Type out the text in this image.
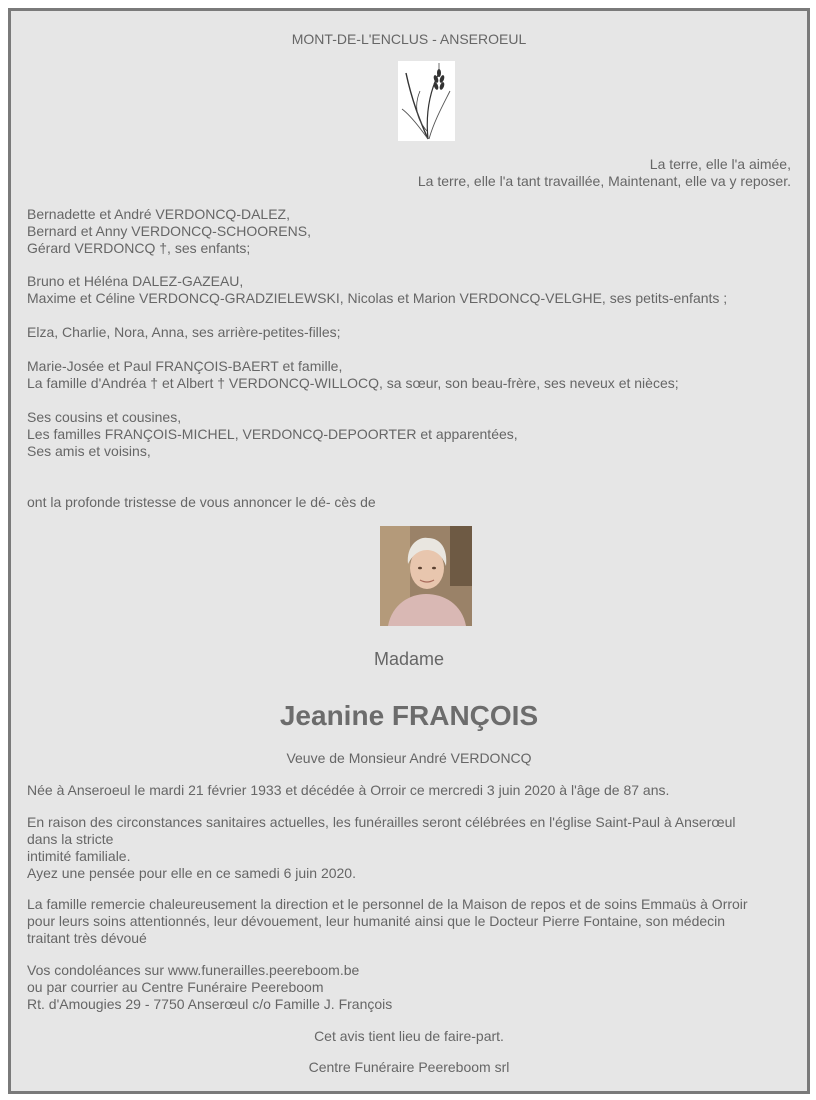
MONT-DE-L'ENCLUS - ANSEROEUL
La terre, elle l'a aimée,
La terre, elle l'a tant travaillée, Maintenant, elle va y reposer.
Bernadette et André VERDONCQ-DALEZ,
Bernard et Anny VERDONCQ-SCHOORENS,
Gérard VERDONCQ †, ses enfants;
Bruno et Héléna DALEZ-GAZEAU,
Maxime et Céline VERDONCQ-GRADZIELEWSKI, Nicolas et Marion VERDONCQ-VELGHE, ses petits-enfants ;
Elza, Charlie, Nora, Anna, ses arrière-petites-filles;
Marie-Josée et Paul FRANÇOIS-BAERT et famille,
La famille d'Andréa † et Albert † VERDONCQ-WILLOCQ, sa sœur, son beau-frère, ses neveux et nièces;
Ses cousins et cousines,
Les familles FRANÇOIS-MICHEL, VERDONCQ-DEPOORTER et apparentées,
Ses amis et voisins,
ont la profonde tristesse de vous annoncer le dé- cès de
Madame
Jeanine FRANÇOIS
Veuve de Monsieur André VERDONCQ
Née à Anseroeul le mardi 21 février 1933 et décédée à Orroir ce mercredi 3 juin 2020 à l'âge de 87 ans.
En raison des circonstances sanitaires actuelles, les funérailles seront célébrées en l'église Saint-Paul à Anserœul
dans la stricte
intimité familiale.
Ayez une pensée pour elle en ce samedi 6 juin 2020.
La famille remercie chaleureusement la direction et le personnel de la Maison de repos et de soins Emmaüs à Orroir
pour leurs soins attentionnés, leur dévouement, leur humanité ainsi que le Docteur Pierre Fontaine, son médecin
traitant très dévoué
Vos condoléances sur www.funerailles.peereboom.be
ou par courrier au Centre Funéraire Peereboom
Rt. d'Amougies 29 - 7750 Anserœul c/o Famille J. François
Cet avis tient lieu de faire-part.
Centre Funéraire Peereboom srl
